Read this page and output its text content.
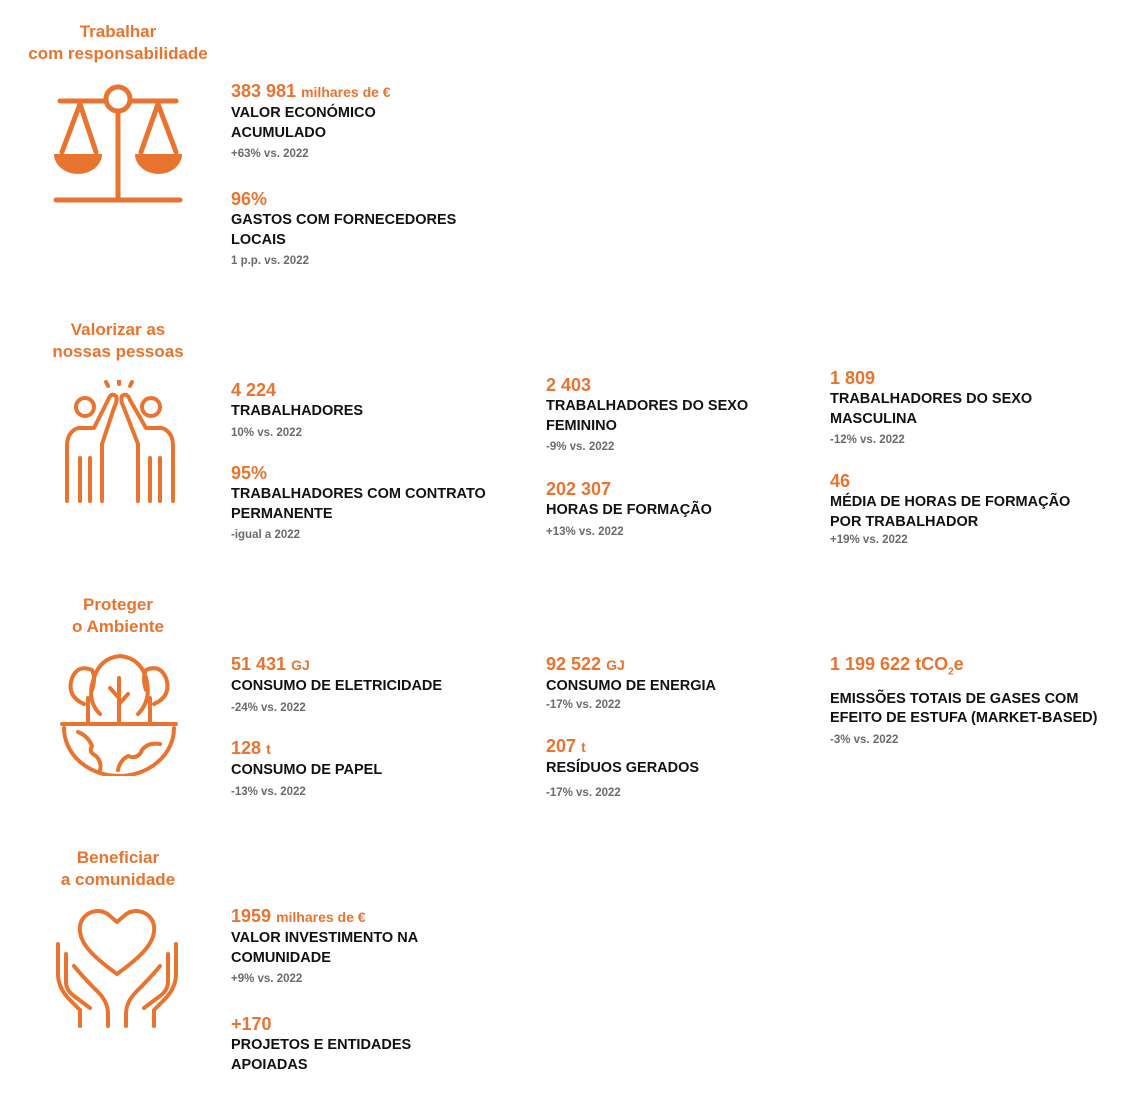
Trabalhar
com responsabilidade
383 981 milhares de €
VALOR ECONÓMICO
ACUMULADO
+63% vs. 2022
96%
GASTOS COM FORNECEDORES
LOCAIS
1 p.p. vs. 2022
Valorizar as
nossas pessoas
4 224
TRABALHADORES
10% vs. 2022
95%
TRABALHADORES COM CONTRATO
PERMANENTE
-igual a 2022
2 403
TRABALHADORES DO SEXO
FEMININO
-9% vs. 2022
202 307
HORAS DE FORMAÇÃO
+13% vs. 2022
1 809
TRABALHADORES DO SEXO
MASCULINA
-12% vs. 2022
46
MÉDIA DE HORAS DE FORMAÇÃO
POR TRABALHADOR
+19% vs. 2022
Proteger
o Ambiente
51 431 GJ
CONSUMO DE ELETRICIDADE
-24% vs. 2022
128 t
CONSUMO DE PAPEL
-13% vs. 2022
92 522 GJ
CONSUMO DE ENERGIA
-17% vs. 2022
207 t
RESÍDUOS GERADOS
-17% vs. 2022
1 199 622 tCO$_2$e
EMISSÕES TOTAIS DE GASES COM
EFEITO DE ESTUFA (MARKET-BASED)
-3% vs. 2022
Beneficiar
a comunidade
1959 milhares de €
VALOR INVESTIMENTO NA
COMUNIDADE
+9% vs. 2022
+170
PROJETOS E ENTIDADES
APOIADAS
